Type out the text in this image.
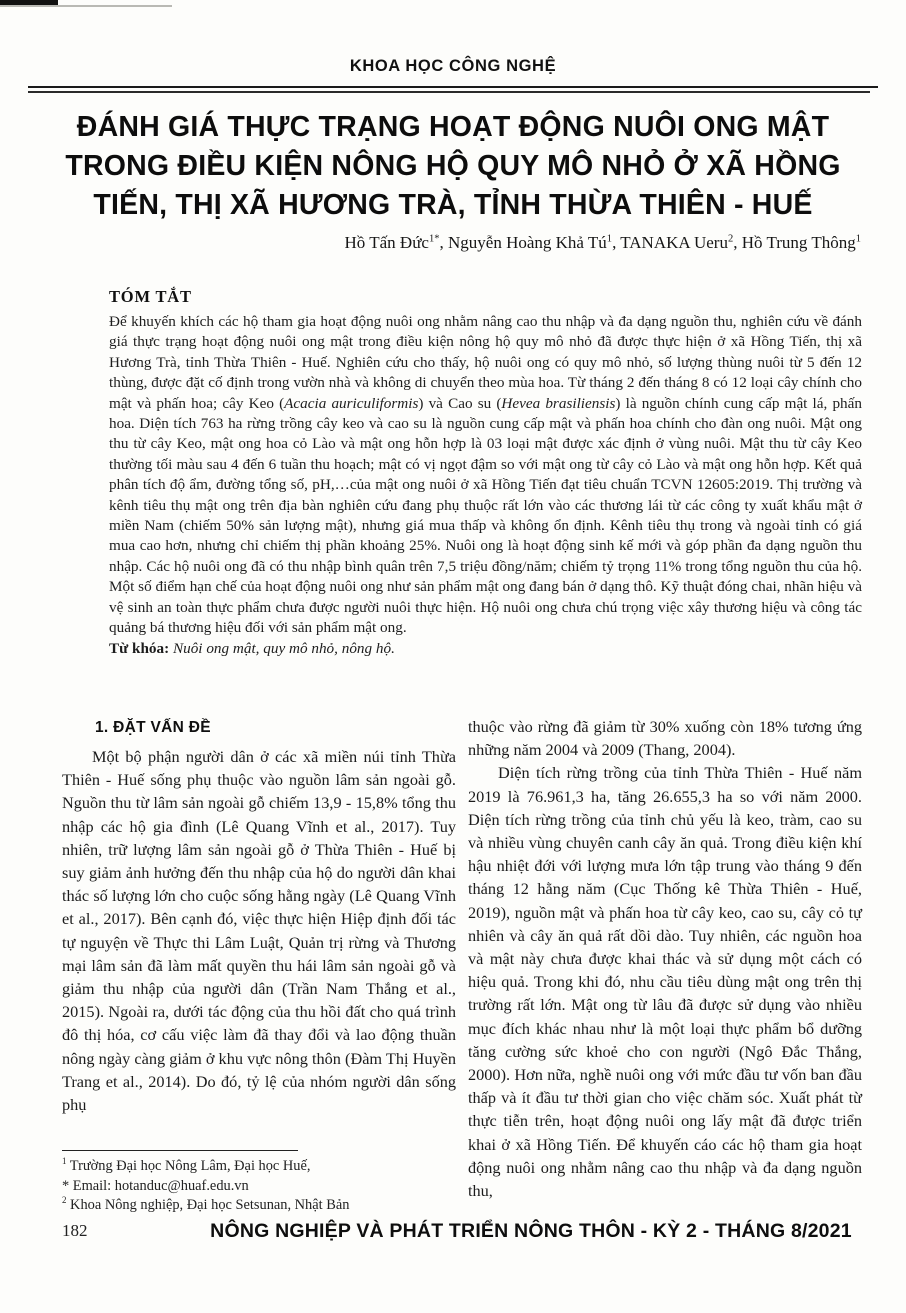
KHOA HỌC CÔNG NGHỆ
ĐÁNH GIÁ THỰC TRẠNG HOẠT ĐỘNG NUÔI ONG MẬT
TRONG ĐIỀU KIỆN NÔNG HỘ QUY MÔ NHỎ Ở XÃ HỒNG
TIẾN, THỊ XÃ HƯƠNG TRÀ, TỈNH THỪA THIÊN - HUẾ
Hồ Tấn Đức$^{1*}$, Nguyễn Hoàng Khả $Tú^1$, TANAKA Ueru$^2$, Hồ Trung Thông$^1$
TÓM TẮT

Để khuyến khích các hộ tham gia hoạt động nuôi ong nhằm nâng cao thu nhập và đa dạng nguồn thu, nghiên cứu về đánh giá thực trạng hoạt động nuôi ong mật trong điều kiện nông hộ quy mô nhỏ đã được thực hiện ở xã Hồng Tiến, thị xã Hương Trà, tỉnh Thừa Thiên - Huế. Nghiên cứu cho thấy, hộ nuôi ong có quy mô nhỏ, số lượng thùng nuôi từ 5 đến 12 thùng, được đặt cố định trong vườn nhà và không di chuyển theo mùa hoa. Từ tháng 2 đến tháng 8 có 12 loại cây chính cho mật và phấn hoa; cây Keo (Acacia auriculiformis) và Cao su (Hevea brasiliensis) là nguồn chính cung cấp mật lá, phấn hoa. Diện tích 763 ha rừng trồng cây keo và cao su là nguồn cung cấp mật và phấn hoa chính cho đàn ong nuôi. Mật ong thu từ cây Keo, mật ong hoa cỏ Lào và mật ong hỗn hợp là 03 loại mật được xác định ở vùng nuôi. Mật thu từ cây Keo thường tối màu sau 4 đến 6 tuần thu hoạch; mật có vị ngọt đậm so với mật ong từ cây cỏ Lào và mật ong hỗn hợp. Kết quả phân tích độ ẩm, đường tổng số, pH,…của mật ong nuôi ở xã Hồng Tiến đạt tiêu chuẩn TCVN 12605:2019. Thị trường và kênh tiêu thụ mật ong trên địa bàn nghiên cứu đang phụ thuộc rất lớn vào các thương lái từ các công ty xuất khẩu mật ở miền Nam (chiếm 50% sản lượng mật), nhưng giá mua thấp và không ổn định. Kênh tiêu thụ trong và ngoài tỉnh có giá mua cao hơn, nhưng chỉ chiếm thị phần khoảng 25%. Nuôi ong là hoạt động sinh kế mới và góp phần đa dạng nguồn thu nhập. Các hộ nuôi ong đã có thu nhập bình quân trên 7,5 triệu đồng/năm; chiếm tỷ trọng 11% trong tổng nguồn thu của hộ. Một số điểm hạn chế của hoạt động nuôi ong như sản phẩm mật ong đang bán ở dạng thô. Kỹ thuật đóng chai, nhãn hiệu và vệ sinh an toàn thực phẩm chưa được người nuôi thực hiện. Hộ nuôi ong chưa chú trọng việc xây thương hiệu và công tác quảng bá thương hiệu đối với sản phẩm mật ong.

Từ khóa: Nuôi ong mật, quy mô nhỏ, nông hộ.

1. ĐẶT VẤN ĐỀ

Một bộ phận người dân ở các xã miền núi tỉnh Thừa Thiên - Huế sống phụ thuộc vào nguồn lâm sản ngoài gỗ. Nguồn thu từ lâm sản ngoài gỗ chiếm 13,9 - 15,8% tổng thu nhập các hộ gia đình (Lê Quang Vĩnh et al., 2017). Tuy nhiên, trữ lượng lâm sản ngoài gỗ ở Thừa Thiên - Huế bị suy giảm ảnh hưởng đến thu nhập của hộ do người dân khai thác số lượng lớn cho cuộc sống hằng ngày (Lê Quang Vĩnh et al., 2017). Bên cạnh đó, việc thực hiện Hiệp định đối tác tự nguyện về Thực thi Lâm Luật, Quản trị rừng và Thương mại lâm sản đã làm mất quyền thu hái lâm sản ngoài gỗ và giảm thu nhập của người dân (Trần Nam Thắng et al., 2015). Ngoài ra, dưới tác động của thu hồi đất cho quá trình đô thị hóa, cơ cấu việc làm đã thay đổi và lao động thuần nông ngày càng giảm ở khu vực nông thôn (Đàm Thị Huyền Trang et al., 2014). Do đó, tỷ lệ của nhóm người dân sống phụ

thuộc vào rừng đã giảm từ 30% xuống còn 18% tương ứng những năm 2004 và 2009 (Thang, 2004).

Diện tích rừng trồng của tỉnh Thừa Thiên - Huế năm 2019 là 76.961,3 ha, tăng 26.655,3 ha so với năm 2000. Diện tích rừng trồng của tỉnh chủ yếu là keo, tràm, cao su và nhiều vùng chuyên canh cây ăn quả. Trong điều kiện khí hậu nhiệt đới với lượng mưa lớn tập trung vào tháng 9 đến tháng 12 hằng năm (Cục Thống kê Thừa Thiên - Huế, 2019), nguồn mật và phấn hoa từ cây keo, cao su, cây cỏ tự nhiên và cây ăn quả rất dồi dào. Tuy nhiên, các nguồn hoa và mật này chưa được khai thác và sử dụng một cách có hiệu quả. Trong khi đó, nhu cầu tiêu dùng mật ong trên thị trường rất lớn. Mật ong từ lâu đã được sử dụng vào nhiều mục đích khác nhau như là một loại thực phẩm bổ dưỡng tăng cường sức khoẻ cho con người (Ngô Đắc Thắng, 2000). Hơn nữa, nghề nuôi ong với mức đầu tư vốn ban đầu thấp và ít đầu tư thời gian cho việc chăm sóc. Xuất phát từ thực tiễn trên, hoạt động nuôi ong lấy mật đã được triển khai ở xã Hồng Tiến. Để khuyến cáo các hộ tham gia hoạt động nuôi ong nhằm nâng cao thu nhập và đa dạng nguồn thu,

$^1$ Trường Đại học Nông Lâm, Đại học Huế,
* Email: hotanduc@huaf.edu.vn
$^2$ Khoa Nông nghiệp, Đại học Setsunan, Nhật Bản
182	NÔNG NGHIỆP VÀ PHÁT TRIỂN NÔNG THÔN - KỲ 2 - THÁNG 8/2021
